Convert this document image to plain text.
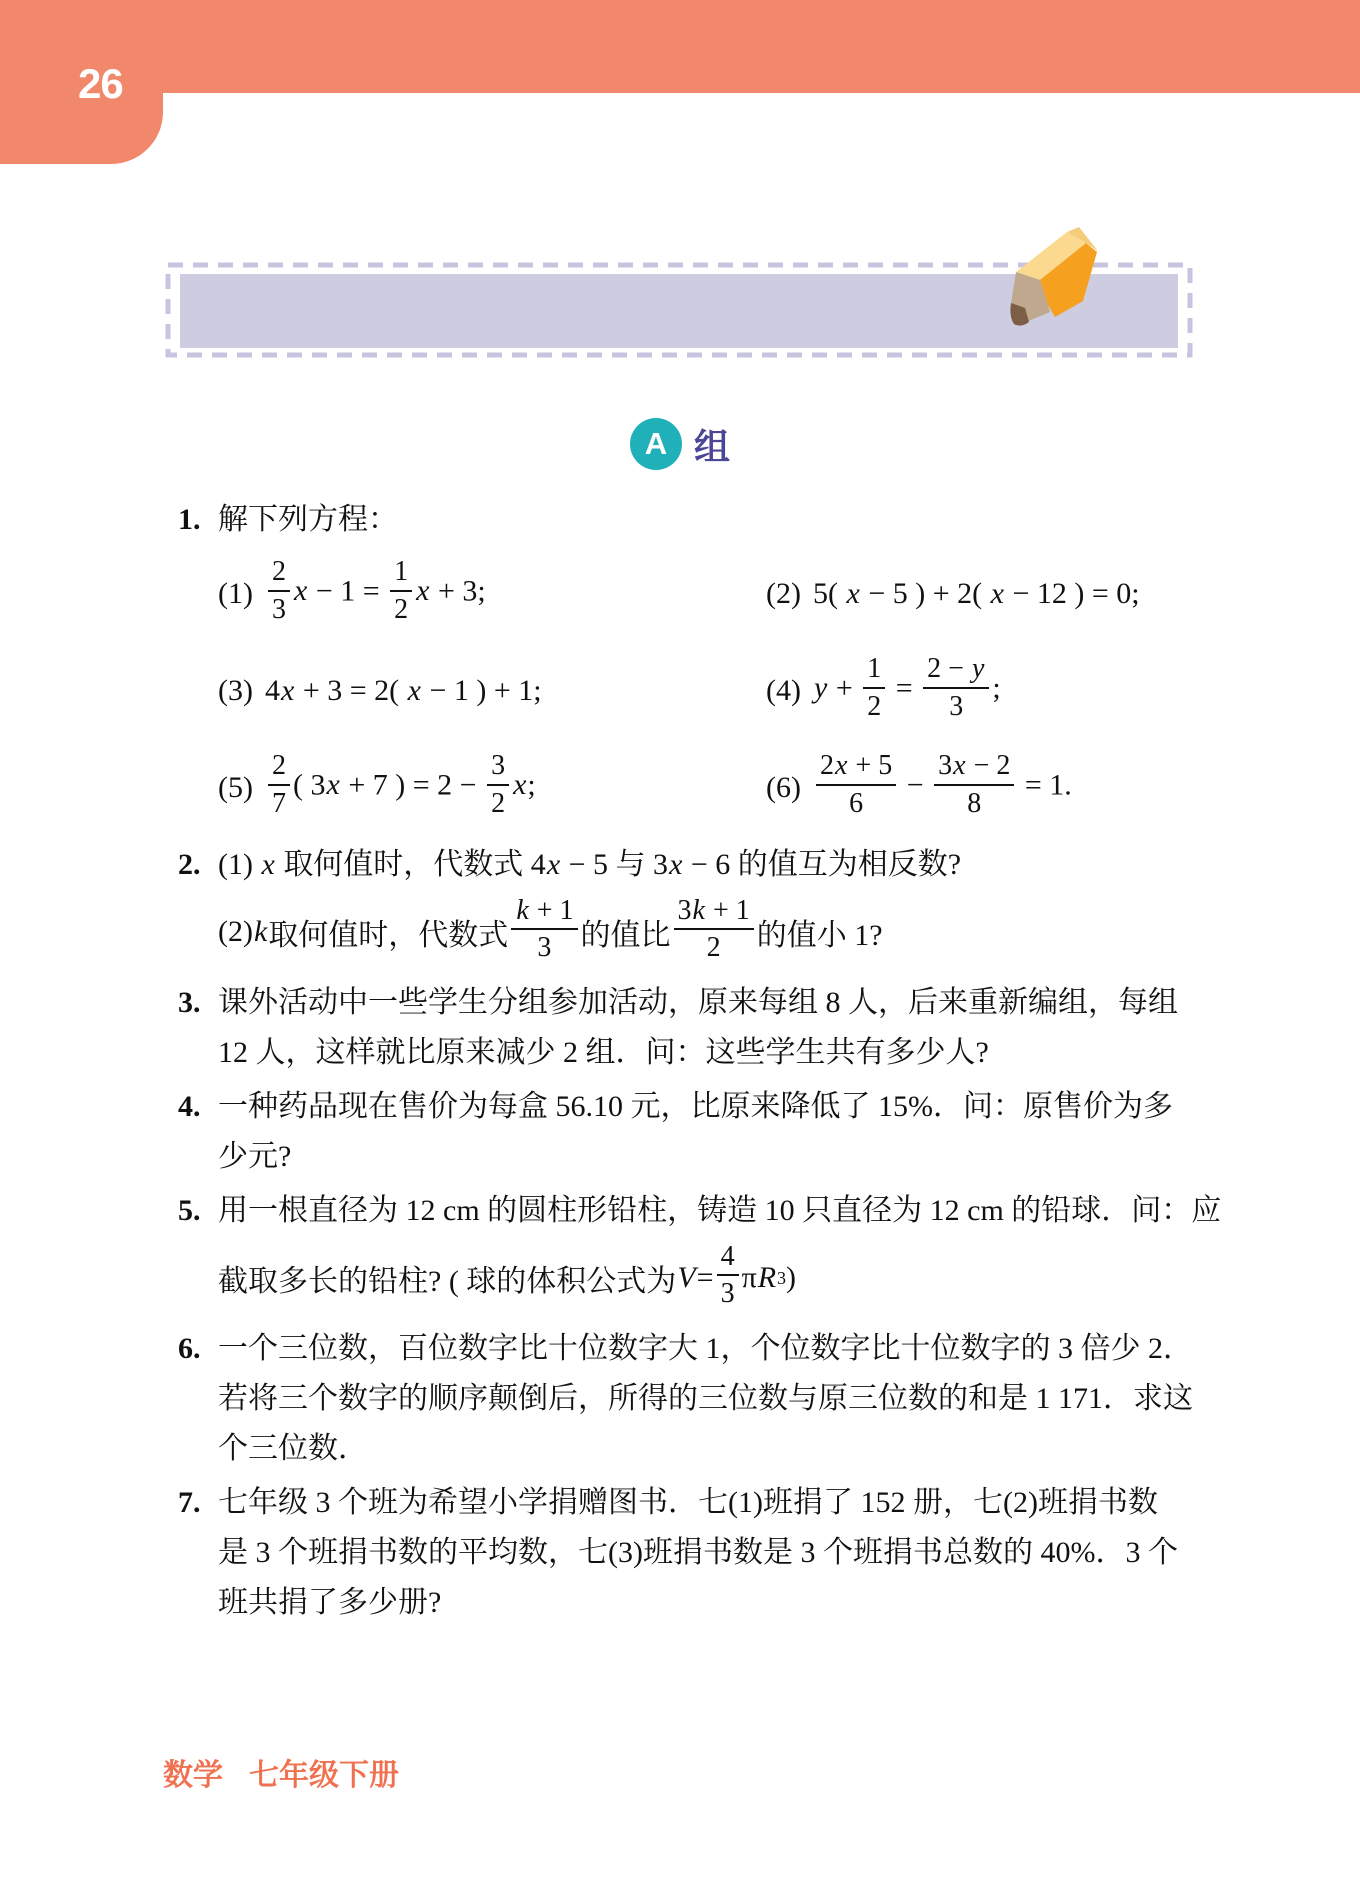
26
A 组
1. 解下列方程：
$(1) \frac{2}{3}$ $x - 1 = \frac{1}{2}$ x + 3;	(2) 5( x − 5 ) + 2( x − 12 ) = 0;
(3) 4x + 3 = 2( x − 1 ) + 1;	(4) $y + \frac{1}{2} = \frac{2 - y}{3}$ ;
$(5) \frac{2}{7}$ ( 3x + 7 ) = $2 - \frac{3}{2} x$;	$(6) \frac{2x + 5}{6} - \frac{3x - 2}{8} = 1$.
2. (1) x 取何值时，代数式 4x − 5 与 3x − 6 的值互为相反数?
(2) k 取何值时，代数式 $\frac{k + 1}{3}$ 的值比 $\frac{3k + 1}{2}$ 的值小 1?
3. 课外活动中一些学生分组参加活动，原来每组 8 人，后来重新编组，每组
12 人，这样就比原来减少 2 组．问：这些学生共有多少人?
4. 一种药品现在售价为每盒 56.10 元，比原来降低了 15%．问：原售价为多
少元?
5. 用一根直径为 12 cm 的圆柱形铅柱，铸造 10 只直径为 12 cm 的铅球．问：应
截取多长的铅柱? ( 球的体积公式为 $V = \frac{4}{3}$ π R 3 )
6. 一个三位数，百位数字比十位数字大 1，个位数字比十位数字的 3 倍少 2．
若将三个数字的顺序颠倒后，所得的三位数与原三位数的和是 1 171．求这
个三位数．
7. 七年级 3 个班为希望小学捐赠图书．七(1)班捐了 152 册，七(2)班捐书数
是 3 个班捐书数的平均数，七(3)班捐书数是 3 个班捐书总数的 40%．3 个
班共捐了多少册?
数学 七年级下册
